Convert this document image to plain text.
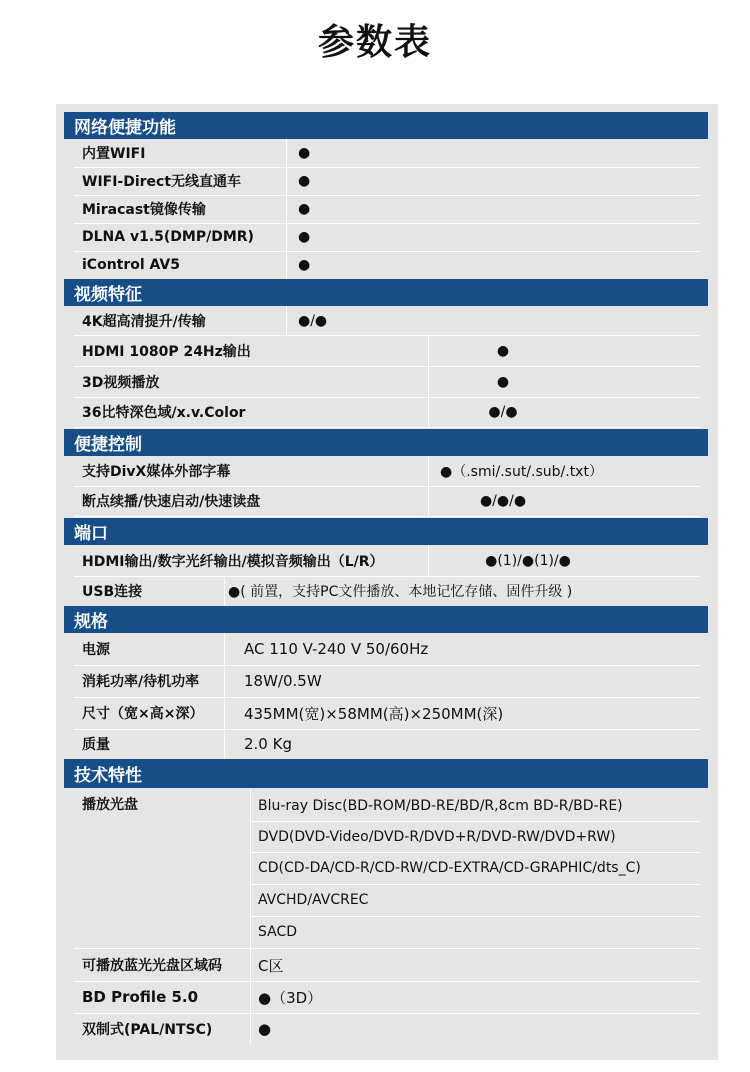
参数表
网络便捷功能
内置WIFI	●
WIFI-Direct无线直通车	●
Miracast镜像传输	●
DLNA v1.5(DMP/DMR)	●
iControl AV5	●
视频特征
4K超高清提升/传输	●/●
HDMI 1080P 24Hz输出	●
3D视频播放	●
36比特深色域/x.v.Color	●/●
便捷控制
支持DivX媒体外部字幕	●（.smi/.sut/.sub/.txt）
断点续播/快速启动/快速读盘	●/●/●
端口
HDMI输出/数字光纤输出/模拟音频输出（L/R）	●(1)/●(1)/●
USB连接	●( 前置，支持PC文件播放、本地记忆存储、固件升级 )
规格
电源	AC 110 V-240 V 50/60Hz
消耗功率/待机功率	18W/0.5W
尺寸（宽×高×深）	435MM(宽)×58MM(高)×250MM(深)
质量	2.0 Kg
技术特性
播放光盘	Blu-ray Disc(BD-ROM/BD-RE/BD/R,8cm BD-R/BD-RE)
DVD(DVD-Video/DVD-R/DVD+R/DVD-RW/DVD+RW)
CD(CD-DA/CD-R/CD-RW/CD-EXTRA/CD-GRAPHIC/dts_C)
AVCHD/AVCREC
SACD
可播放蓝光光盘区域码	C区
BD Profile 5.0	●（3D）
双制式(PAL/NTSC)	●
